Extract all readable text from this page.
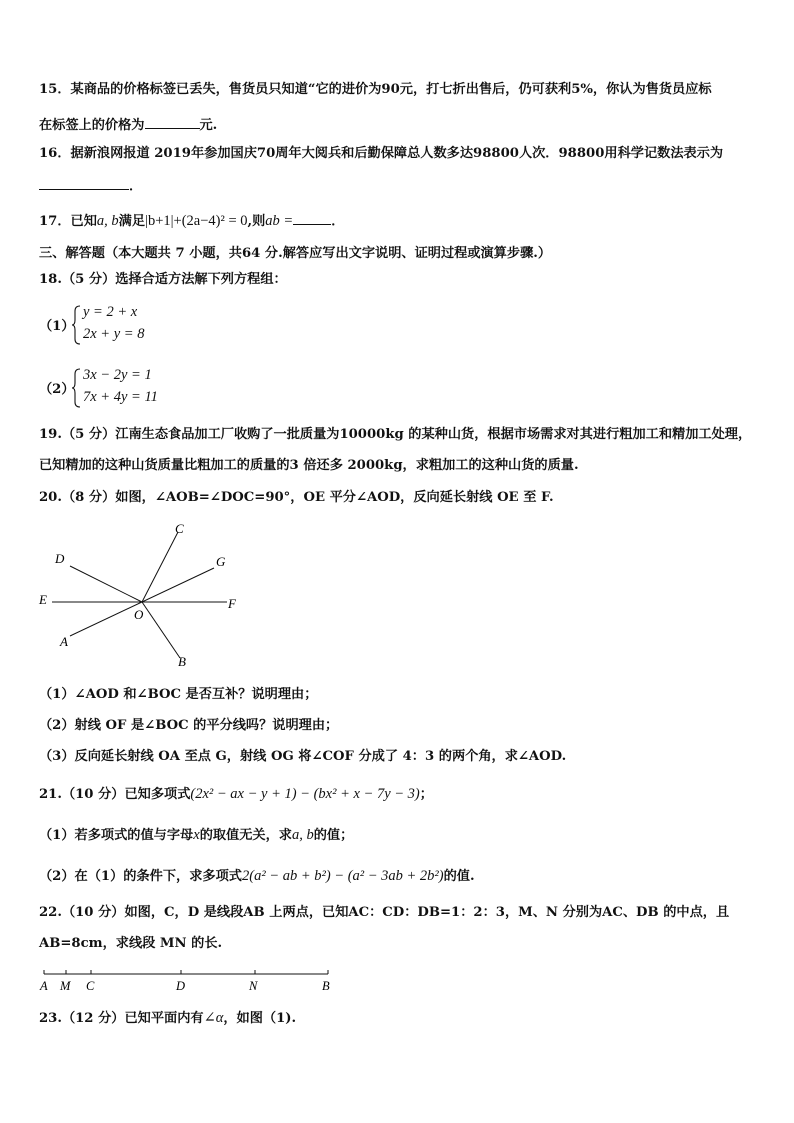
15．某商品的价格标签已丢失，售货员只知道“它的进价为90元，打七折出售后，仍可获利5%，你认为售货员应标
在标签上的价格为	元.
16．据新浪网报道 2019年参加国庆70周年大阅兵和后勤保障总人数多达98800人次．98800用科学记数法表示为
．
17．已知a, b满足|b+1|+(2a−4)² = 0,则ab =	．
三、解答题（本大题共 7 小题，共64 分.解答应写出文字说明、证明过程或演算步骤.）
18.（5 分）选择合适方法解下列方程组：
（1）
y = 2 + x
2x + y = 8
（2）
3x − 2y = 1
7x + 4y = 11
19.（5 分）江南生态食品加工厂收购了一批质量为10000kg 的某种山货，根据市场需求对其进行粗加工和精加工处理，
已知精加的这种山货质量比粗加工的质量的3 倍还多 2000kg，求粗加工的这种山货的质量.
20.（8 分）如图，∠AOB=∠DOC=90°，OE 平分∠AOD，反向延长射线 OE 至 F.
C
D	G
E	F
O
A
B
（1）∠AOD 和∠BOC 是否互补？说明理由；
（2）射线 OF 是∠BOC 的平分线吗？说明理由；
（3）反向延长射线 OA 至点 G，射线 OG 将∠COF 分成了 4：3 的两个角，求∠AOD.
21.（10 分）已知多项式(2x² − ax − y + 1) − (bx² + x − 7y − 3)；
（1）若多项式的值与字母x的取值无关，求a, b的值；
（2）在（1）的条件下，求多项式2(a² − ab + b²) − (a² − 3ab + 2b²)的值.
22.（10 分）如图，C，D 是线段AB 上两点，已知AC：CD：DB=1：2：3，M、N 分别为AC、DB 的中点，且
AB=8cm，求线段 MN 的长.
A M C	D	N	B
23.（12 分）已知平面内有∠α，如图（1).
